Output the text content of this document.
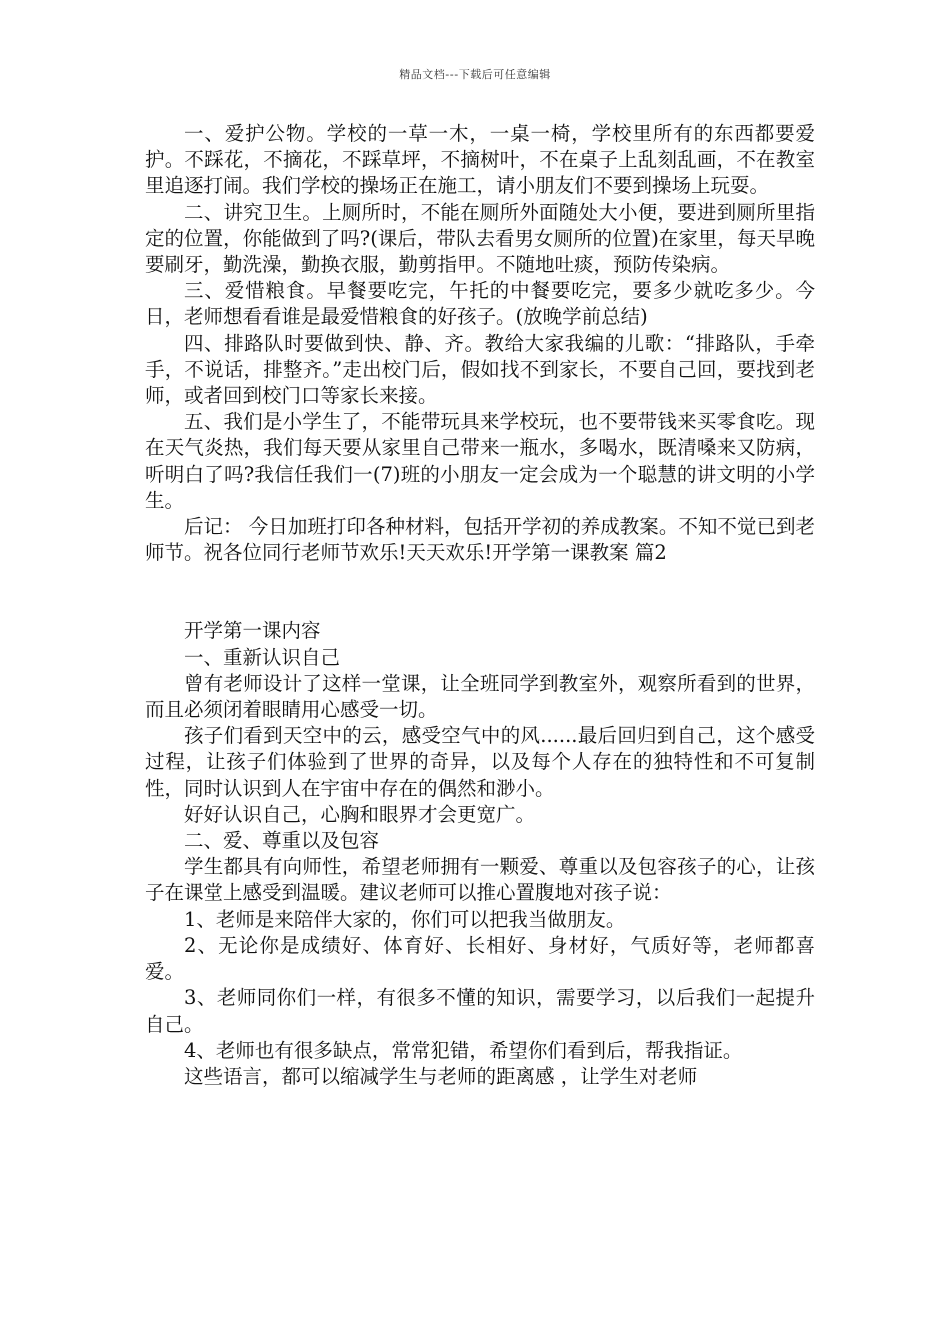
精品文档---下载后可任意编辑

一、爱护公物。学校的一草一木，一桌一椅，学校里所有的东西都要爱护。不踩花，不摘花，不踩草坪，不摘树叶，不在桌子上乱刻乱画，不在教室里追逐打闹。我们学校的操场正在施工，请小朋友们不要到操场上玩耍。

二、讲究卫生。上厕所时，不能在厕所外面随处大小便，要进到厕所里指定的位置，你能做到了吗?(课后，带队去看男女厕所的位置)在家里，每天早晚要刷牙，勤洗澡，勤换衣服，勤剪指甲。不随地吐痰，预防传染病。

三、爱惜粮食。早餐要吃完，午托的中餐要吃完，要多少就吃多少。今日，老师想看看谁是最爱惜粮食的好孩子。(放晚学前总结)

四、排路队时要做到快、静、齐。教给大家我编的儿歌：“排路队，手牵手，不说话，排整齐。”走出校门后，假如找不到家长，不要自己回，要找到老师，或者回到校门口等家长来接。

五、我们是小学生了，不能带玩具来学校玩，也不要带钱来买零食吃。现在天气炎热，我们每天要从家里自己带来一瓶水，多喝水，既清嗓来又防病，听明白了吗?我信任我们一(7)班的小朋友一定会成为一个聪慧的讲文明的小学生。

后记： 今日加班打印各种材料，包括开学初的养成教案。不知不觉已到老师节。祝各位同行老师节欢乐!天天欢乐!开学第一课教案 篇2

开学第一课内容

一、重新认识自己

曾有老师设计了这样一堂课，让全班同学到教室外，观察所看到的世界，而且必须闭着眼睛用心感受一切。

孩子们看到天空中的云，感受空气中的风......最后回归到自己，这个感受过程，让孩子们体验到了世界的奇异，以及每个人存在的独特性和不可复制性，同时认识到人在宇宙中存在的偶然和渺小。

好好认识自己，心胸和眼界才会更宽广。

二、爱、尊重以及包容

学生都具有向师性，希望老师拥有一颗爱、尊重以及包容孩子的心，让孩子在课堂上感受到温暖。建议老师可以推心置腹地对孩子说：

1、老师是来陪伴大家的，你们可以把我当做朋友。

2、无论你是成绩好、体育好、长相好、身材好，气质好等，老师都喜爱。

3、老师同你们一样，有很多不懂的知识，需要学习，以后我们一起提升自己。

4、老师也有很多缺点，常常犯错，希望你们看到后，帮我指证。

这些语言，都可以缩减学生与老师的距离感 ，让学生对老师
